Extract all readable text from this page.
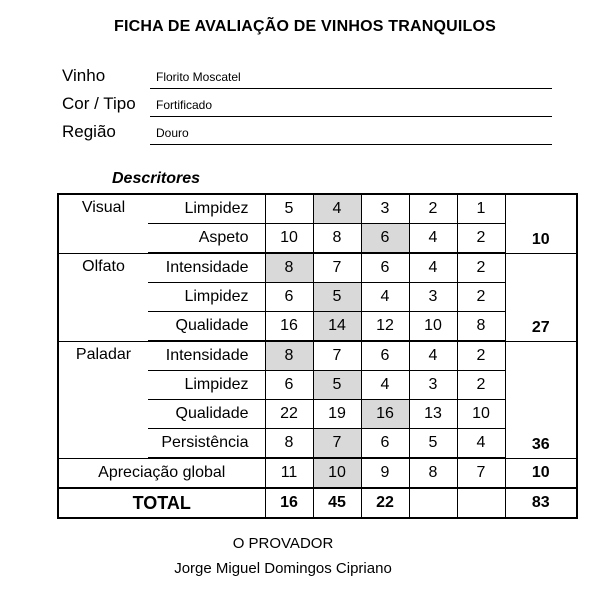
FICHA DE AVALIAÇÃO DE VINHOS TRANQUILOS
Vinho	Florito Moscatel
Cor / Tipo Fortificado
Região	Douro
Descritores
Visual	Limpidez	5	4	3	2	1	10
	Aspeto	10	8	6	4	2	
Olfato	Intensidade	8	7	6	4	2	27
	Limpidez	6	5	4	3	2	
	Qualidade	16	14	12	10	8	
Paladar	Intensidade	8	7	6	4	2	36
	Limpidez	6	5	4	3	2	
	Qualidade	22	19	16	13	10	
	Persistência	8	7	6	5	4	
Apreciação global		11	10	9	8	7	10
TOTAL		16	45	22			83
O PROVADOR
Jorge Miguel Domingos Cipriano
